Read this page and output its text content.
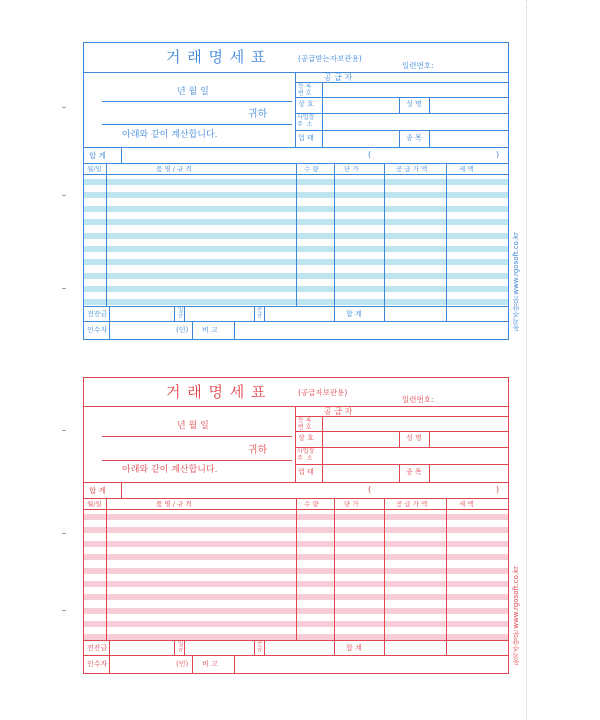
거 래 명 세 표	(공급받는자보관용)
일련번호:
년 월 일
귀하
아래와 같이 계산합니다.
공 급 자
등 록
번 호
상 호	성 명
사업장
주  소
업 태	종 목
합 계	(	)
월/일	품 명 / 규 격	수 량	단 가	공 급 가 액	세 액
전잔금	입
금
잔
금	합 계
인수자	(인) 비 고	동지주양문 www.rgosoft.co.kr
거 래 명 세 표	(공급자보관용)
일련번호:
년 월 일
귀하
아래와 같이 계산합니다.
공 급 자
등 록
번 호
상 호	성 명
사업장
주  소
업 태	종 목
합 계	(	)
월/일	품 명 / 규 격	수 량	단 가	공 급 가 액	세 액
전잔금	입
금
잔
금	합 계
인수자	(인) 비 고	동지주양문 www.rgosoft.co.kr
